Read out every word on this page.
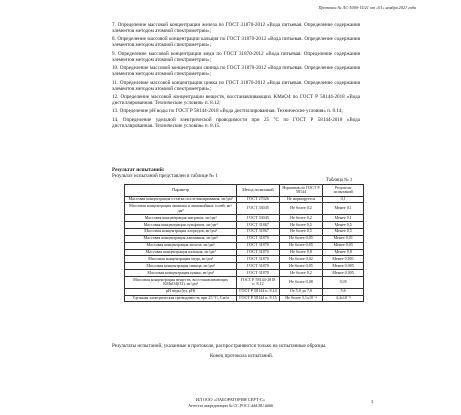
Протокол № ЛС-5000-15/21 от «01» ноября 2021 года

7. Определение массовой концентрации железа по ГОСТ 31870-2012 «Вода питьевая. Определение содержания элементов методом атомной спектрометрии»;

8. Определение массовой концентрации кальция по ГОСТ 31870-2012 «Вода питьевая. Определение содержания элементов методом атомной спектрометрии»;

9. Определение массовой концентрации меди по ГОСТ 31870-2012 «Вода питьевая. Определение содержания элементов методом атомной спектрометрии»;

10. Определение массовой концентрации свинца по ГОСТ 31870-2012 «Вода питьевая. Определение содержания элементов методом атомной спектрометрии»;

11. Определение массовой концентрации цинка по ГОСТ 31870-2012 «Вода питьевая. Определение содержания элементов методом атомной спектрометрии»;

12. Определение массовой концентрации веществ, восстанавливающих KMnO4 по ГОСТ Р 58144-2018 «Вода дистиллированная. Технические условия» п. 8.12;

13. Определение pH воды по ГОСТ Р 58144-2018 «Вода дистиллированная. Технические условия» п. 8.14;

14. Определение удельной электрической проводимости при 25 °С по ГОСТ Р 58144-2018 «Вода дистиллированная. Технические условия» п. 8.15.

Результат испытаний:
Результат испытаний представлен в таблице № 1
Таблица № 1
Параметр	Метод испытаний	Норматив по ГОСТ Р 58144	Результат испытаний
Массовая концентрация остатка после выпаривания, мг/дм³	ГОСТ 27026	Не нормируется	0,1
Массовая концентрация аммиака и аммонийных солей, мг/дм³	ГОСТ 33045	Не более 0,2	Менее 0,1
Массовая концентрация нитратов, мг/дм³	ГОСТ 33045	Не более 0,2	Менее 0,1
Массовая концентрация сульфатов, мг/дм³	ГОСТ 31867	Не более 0,5	Менее 0,5
Массовая концентрация хлоридов, мг/дм³	ГОСТ 31867	Не более 0,5	Менее 0,5
Массовая концентрация алюминия, мг/дм³	ГОСТ 31870	Не более 0,05	Менее 0,01
Массовая концентрация железа, мг/дм³	ГОСТ 31870	Не более 0,05	Менее 0,05
Массовая концентрация кальция, мг/дм³	ГОСТ 31870	Не более 0,8	Менее 0,8
Массовая концентрация меди, мг/дм³	ГОСТ 31870	Не более 0,02	Менее 0,001
Массовая концентрация свинца, мг/дм³	ГОСТ 31870	Не более 0,05	Менее 0,005
Массовая концентрация цинка, мг/дм³	ГОСТ 31870	Не более 0,2	Менее 0,005
Массовая концентрация веществ, восстанавливающих KMnO4(O2), мг/дм³	ГОСТ Р 58144-2018 п. 8.12	Не более 0,08	0,05
pH воды (ед. pH)	ГОСТ Р 58144 п. 8.14	От 5,0 до 7,0	5,6
Удельная электрическая проводимость при 25 °С, См/м	ГОСТ Р 58144 п. 8.15	Не более 5,1х10⁻⁴	4,4х10⁻⁴
Результаты испытаний, указанные в протоколе, распространяются только на испытанные образцы.
Конец протокола испытаний.
ИЛ ООО «ЛАБОРАТОРИЯ СЕРТ-С»
Аттестат аккредитации № СС.РОСС.###.RU.####
3
